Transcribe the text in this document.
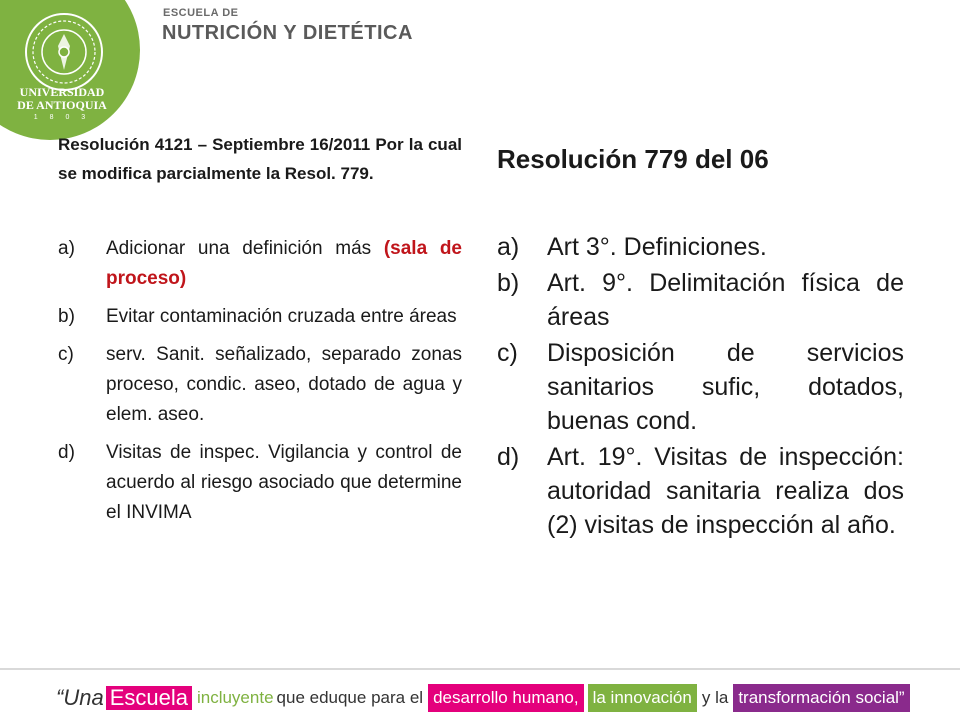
UNIVERSIDAD
DE ANTIOQUIA
1 8 0 3
ESCUELA DE
NUTRICIÓN Y DIETÉTICA
Resolución 4121 – Septiembre 16/2011 Por la cual se modifica parcialmente la Resol. 779.
a) Adicionar una definición más (sala de proceso)
b) Evitar contaminación cruzada entre áreas
c) serv. Sanit. señalizado, separado zonas proceso, condic. aseo, dotado de agua y elem. aseo.
d) Visitas de inspec. Vigilancia y control de acuerdo al riesgo asociado que determine el INVIMA
Resolución 779 del 06
a) Art 3°. Definiciones.
b) Art. 9°. Delimitación física de áreas
c) Disposición de servicios sanitarios sufic, dotados, buenas cond.
d) Art. 19°. Visitas de inspección: autoridad sanitaria realiza dos (2) visitas de inspección al año.
“Una Escuela incluyente que eduque para el desarrollo humano, la innovación y la transformación social”
